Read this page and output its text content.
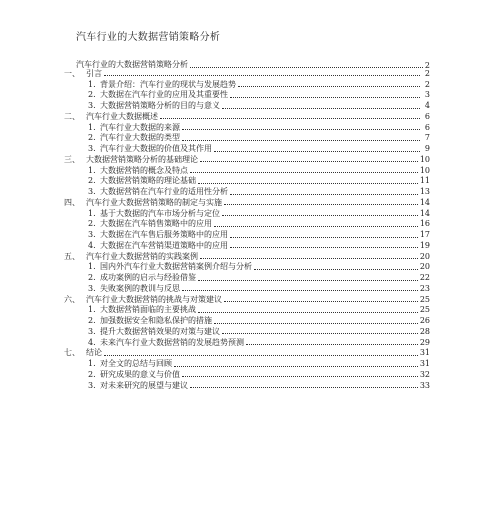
汽车行业的大数据营销策略分析
汽车行业的大数据营销策略分析	2
一、 引言	2
1. 背景介绍：汽车行业的现状与发展趋势	2
2. 大数据在汽车行业的应用及其重要性	3
3. 大数据营销策略分析的目的与意义	4
二、 汽车行业大数据概述	6
1. 汽车行业大数据的来源	6
2. 汽车行业大数据的类型	7
3. 汽车行业大数据的价值及其作用	9
三、 大数据营销策略分析的基础理论	10
1. 大数据营销的概念及特点	10
2. 大数据营销策略的理论基础	11
3. 大数据营销在汽车行业的适用性分析	13
四、 汽车行业大数据营销策略的制定与实施	14
1. 基于大数据的汽车市场分析与定位	14
2. 大数据在汽车销售策略中的应用	16
3. 大数据在汽车售后服务策略中的应用	17
4. 大数据在汽车营销渠道策略中的应用	19
五、 汽车行业大数据营销的实践案例	20
1. 国内外汽车行业大数据营销案例介绍与分析	20
2. 成功案例的启示与经验借鉴	22
3. 失败案例的教训与反思	23
六、 汽车行业大数据营销的挑战与对策建议	25
1. 大数据营销面临的主要挑战	25
2. 加强数据安全和隐私保护的措施	26
3. 提升大数据营销效果的对策与建议	28
4. 未来汽车行业大数据营销的发展趋势预测	29
七、 结论	31
1. 对全文的总结与回顾	31
2. 研究成果的意义与价值	32
3. 对未来研究的展望与建议	33
